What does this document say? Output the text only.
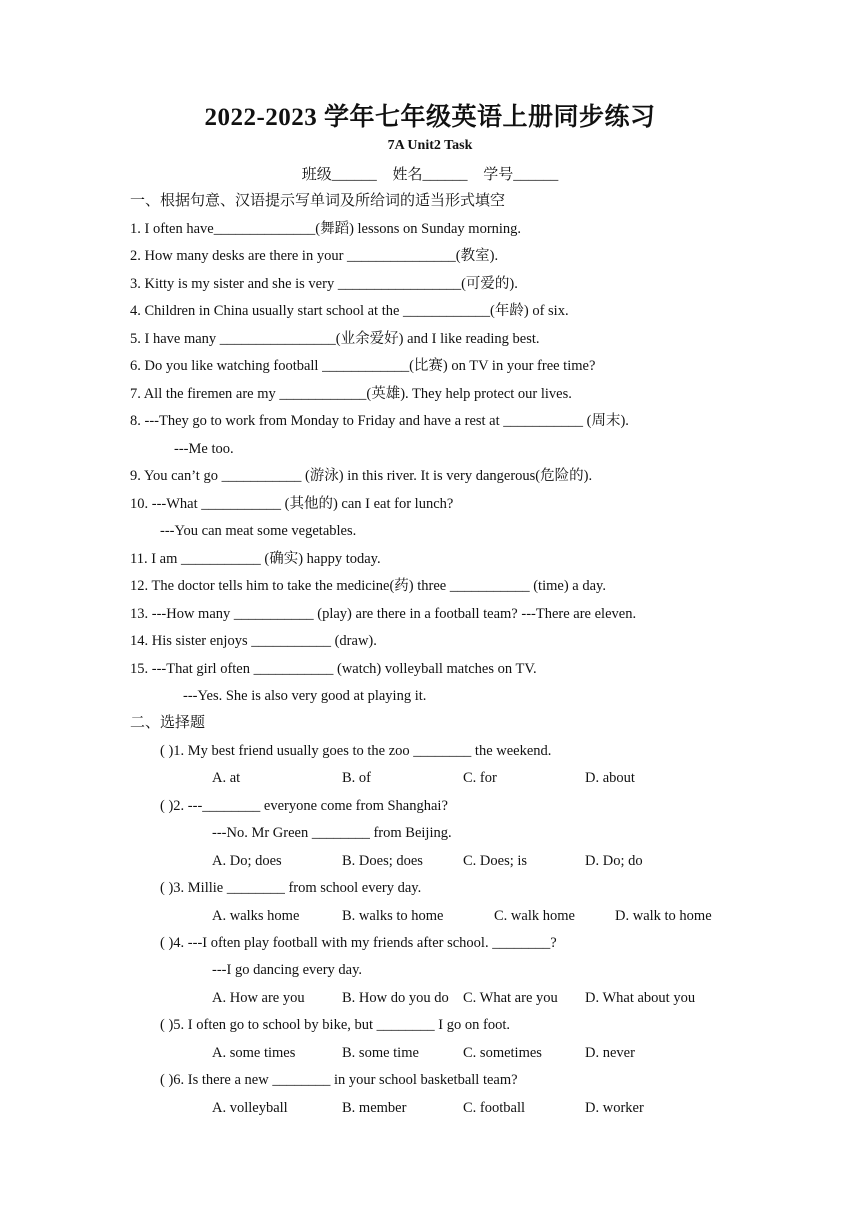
2022-2023 学年七年级英语上册同步练习
7A Unit2 Task
班级______ 姓名______ 学号______
一、根据句意、汉语提示写单词及所给词的适当形式填空
1. I often have______________(舞蹈) lessons on Sunday morning.
2. How many desks are there in your _______________(教室).
3. Kitty is my sister and she is very _________________(可爱的).
4. Children in China usually start school at the ____________(年龄) of six.
5. I have many ________________(业余爱好) and I like reading best.
6. Do you like watching football ____________(比赛) on TV in your free time?
7. All the firemen are my ____________(英雄). They help protect our lives.
8. ---They go to work from Monday to Friday and have a rest at ___________ (周末).
---Me too.
9. You can’t go ___________ (游泳) in this river. It is very dangerous(危险的).
10. ---What ___________ (其他的) can I eat for lunch?
---You can meat some vegetables.
11. I am ___________ (确实) happy today.
12. The doctor tells him to take the medicine(药) three ___________ (time) a day.
13. ---How many ___________ (play) are there in a football team? ---There are eleven.
14. His sister enjoys ___________ (draw).
15. ---That girl often ___________ (watch) volleyball matches on TV.
---Yes. She is also very good at playing it.
二、选择题
( )1. My best friend usually goes to the zoo ________ the weekend.
A. at	B. of	C. for	D. about
( )2. ---________ everyone come from Shanghai?
---No. Mr Green ________ from Beijing.
A. Do; does	B. Does; does	C. Does; is	D. Do; do
( )3. Millie ________ from school every day.
A. walks home	B. walks to home	C. walk home	D. walk to home
( )4. ---I often play football with my friends after school. ________?
---I go dancing every day.
A. How are you	B. How do you do C. What are you D. What about you
( )5. I often go to school by bike, but ________ I go on foot.
A. some times	B. some time	C. sometimes	D. never
( )6. Is there a new ________ in your school basketball team?
A. volleyball	B. member	C. football	D. worker
